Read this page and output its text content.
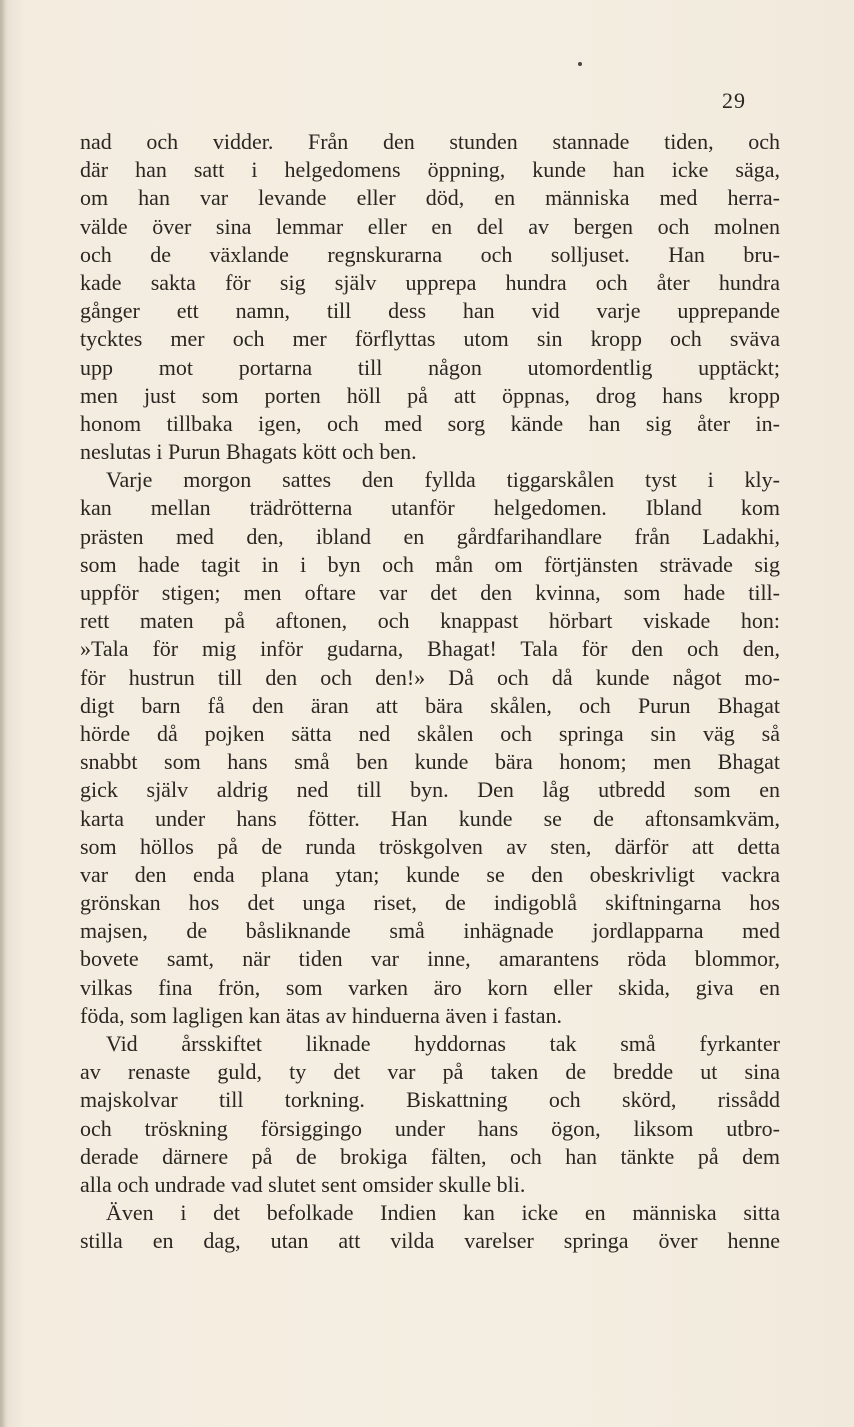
29
nad och vidder. Från den stunden stannade tiden, och
där han satt i helgedomens öppning, kunde han icke säga,
om han var levande eller död, en människa med herra-
välde över sina lemmar eller en del av bergen och molnen
och de växlande regnskurarna och solljuset. Han bru-
kade sakta för sig själv upprepa hundra och åter hundra
gånger ett namn, till dess han vid varje upprepande
tycktes mer och mer förflyttas utom sin kropp och sväva
upp mot portarna till någon utomordentlig upptäckt;
men just som porten höll på att öppnas, drog hans kropp
honom tillbaka igen, och med sorg kände han sig åter in-
neslutas i Purun Bhagats kött och ben.
Varje morgon sattes den fyllda tiggarskålen tyst i kly-
kan mellan trädrötterna utanför helgedomen. Ibland kom
prästen med den, ibland en gårdfarihandlare från Ladakhi,
som hade tagit in i byn och mån om förtjänsten strävade sig
uppför stigen; men oftare var det den kvinna, som hade till-
rett maten på aftonen, och knappast hörbart viskade hon:
»Tala för mig inför gudarna, Bhagat! Tala för den och den,
för hustrun till den och den!» Då och då kunde något mo-
digt barn få den äran att bära skålen, och Purun Bhagat
hörde då pojken sätta ned skålen och springa sin väg så
snabbt som hans små ben kunde bära honom; men Bhagat
gick själv aldrig ned till byn. Den låg utbredd som en
karta under hans fötter. Han kunde se de aftonsamkväm,
som höllos på de runda tröskgolven av sten, därför att detta
var den enda plana ytan; kunde se den obeskrivligt vackra
grönskan hos det unga riset, de indigoblå skiftningarna hos
majsen, de båsliknande små inhägnade jordlapparna med
bovete samt, när tiden var inne, amarantens röda blommor,
vilkas fina frön, som varken äro korn eller skida, giva en
föda, som lagligen kan ätas av hinduerna även i fastan.
Vid årsskiftet liknade hyddornas tak små fyrkanter
av renaste guld, ty det var på taken de bredde ut sina
majskolvar till torkning. Biskattning och skörd, rissådd
och tröskning försiggingo under hans ögon, liksom utbro-
derade därnere på de brokiga fälten, och han tänkte på dem
alla och undrade vad slutet sent omsider skulle bli.
Även i det befolkade Indien kan icke en människa sitta
stilla en dag, utan att vilda varelser springa över henne
